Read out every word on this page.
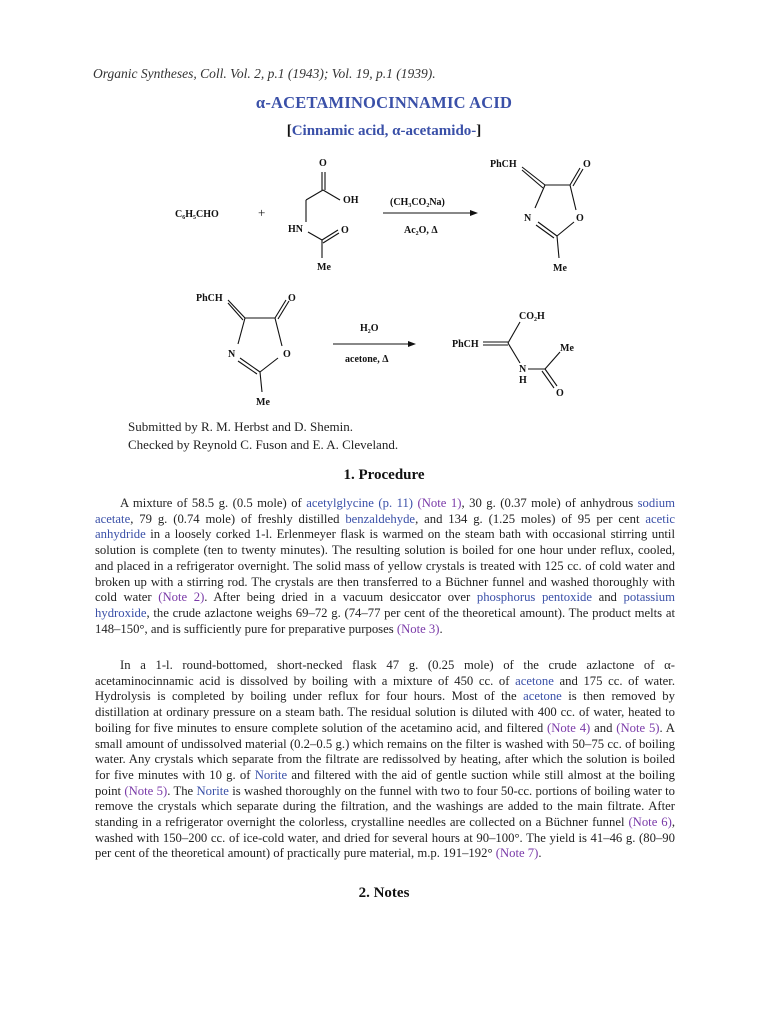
Organic Syntheses, Coll. Vol. 2, p.1 (1943); Vol. 19, p.1 (1939).
α-ACETAMINOCINNAMIC ACID
[Cinnamic acid, α-acetamido-]
C₆H₅CHO	+
O
OH
HN	O
Me
(CH₃CO₂Na)
Ac₂O, Δ
PhCH	O
N	O
Me
PhCH	O
N	O
Me
H₂O
acetone, Δ
CO₂H
PhCH
N
H
Me
O
Submitted by R. M. Herbst and D. Shemin.
Checked by Reynold C. Fuson and E. A. Cleveland.
1. Procedure
A mixture of 58.5 g. (0.5 mole) of acetylglycine (p. 11) (Note 1), 30 g. (0.37 mole) of anhydrous sodium acetate, 79 g. (0.74 mole) of freshly distilled benzaldehyde, and 134 g. (1.25 moles) of 95 per cent acetic anhydride in a loosely corked 1-l. Erlenmeyer flask is warmed on the steam bath with occasional stirring until solution is complete (ten to twenty minutes). The resulting solution is boiled for one hour under reflux, cooled, and placed in a refrigerator overnight. The solid mass of yellow crystals is treated with 125 cc. of cold water and broken up with a stirring rod. The crystals are then transferred to a Büchner funnel and washed thoroughly with cold water (Note 2). After being dried in a vacuum desiccator over phosphorus pentoxide and potassium hydroxide, the crude azlactone weighs 69–72 g. (74–77 per cent of the theoretical amount). The product melts at 148–150°, and is sufficiently pure for preparative purposes (Note 3).
In a 1-l. round-bottomed, short-necked flask 47 g. (0.25 mole) of the crude azlactone of α-acetaminocinnamic acid is dissolved by boiling with a mixture of 450 cc. of acetone and 175 cc. of water. Hydrolysis is completed by boiling under reflux for four hours. Most of the acetone is then removed by distillation at ordinary pressure on a steam bath. The residual solution is diluted with 400 cc. of water, heated to boiling for five minutes to ensure complete solution of the acetamino acid, and filtered (Note 4) and (Note 5). A small amount of undissolved material (0.2–0.5 g.) which remains on the filter is washed with 50–75 cc. of boiling water. Any crystals which separate from the filtrate are redissolved by heating, after which the solution is boiled for five minutes with 10 g. of Norite and filtered with the aid of gentle suction while still almost at the boiling point (Note 5). The Norite is washed thoroughly on the funnel with two to four 50-cc. portions of boiling water to remove the crystals which separate during the filtration, and the washings are added to the main filtrate. After standing in a refrigerator overnight the colorless, crystalline needles are collected on a Büchner funnel (Note 6), washed with 150–200 cc. of ice-cold water, and dried for several hours at 90–100°. The yield is 41–46 g. (80–90 per cent of the theoretical amount) of practically pure material, m.p. 191–192° (Note 7).
2. Notes
